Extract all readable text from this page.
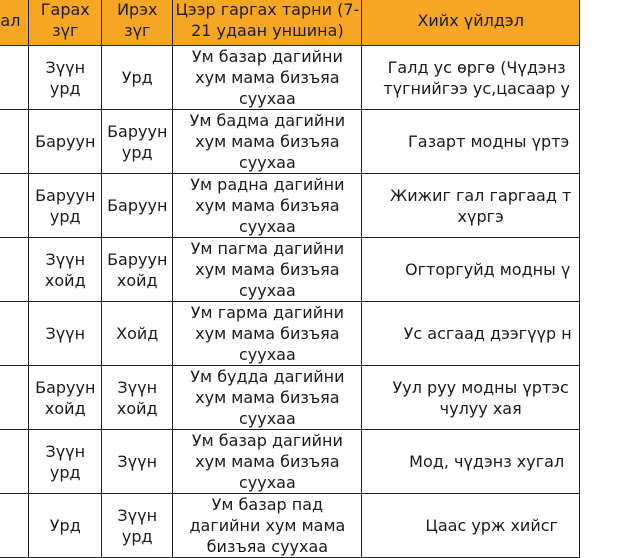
ал	Гарах зүг	Ирэх зүг	Цээр гаргах тарни (7-21 удаан уншина)	Хийх үйлдэл
	Зүүн урд	Урд	Ум базар дагийни хум мама бизъяа суухаа	Галд ус өргө (Чүдэнз түгнийгээ ус,цасаар у
	Баруун	Баруун урд	Ум бадма дагийни хум мама бизъяа суухаа	Газарт модны үртэ
	Баруун урд	Баруун	Ум радна дагийни хум мама бизъяа суухаа	Жижиг гал гаргаад т хүргэ
	Зүүн хойд	Баруун хойд	Ум пагма дагийни хум мама бизъяа суухаа	Огторгуйд модны ү
	Зүүн	Хойд	Ум гарма дагийни хум мама бизъяа суухаа	Ус асгаад дээгүүр н
	Баруун хойд	Зүүн хойд	Ум будда дагийни хум мама бизъяа суухаа	Уул руу модны үртэс чулуу хая
	Зүүн урд	Зүүн	Ум базар дагийни хум мама бизъяа суухаа	Мод, чүдэнз хугал
	Урд	Зүүн урд	Ум базар пад дагийни хум мама бизъяа суухаа	Цаас урж хийсг
